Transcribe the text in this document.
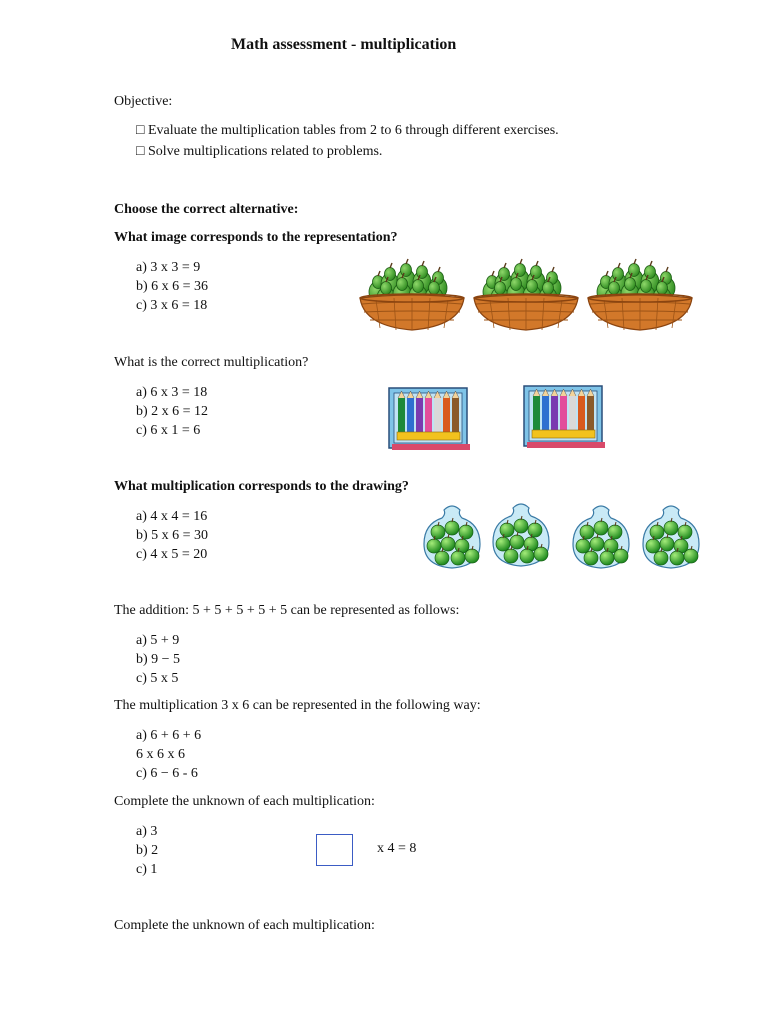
Math assessment - multiplication
Objective:
□ Evaluate the multiplication tables from 2 to 6 through different exercises.
□ Solve multiplications related to problems.
Choose the correct alternative:
What image corresponds to the representation?
a) 3 x 3 = 9
b) 6 x 6 = 36
c) 3 x 6 = 18
What is the correct multiplication?
a) 6 x 3 = 18
b) 2 x 6 = 12
c) 6 x 1 = 6
What multiplication corresponds to the drawing?
a) 4 x 4 = 16
b) 5 x 6 = 30
c) 4 x 5 = 20
The addition: 5 + 5 + 5 + 5 + 5 can be represented as follows:
a) 5 + 9
b) 9 − 5
c) 5 x 5
The multiplication 3 x 6 can be represented in the following way:
a) 6 + 6 + 6
6 x 6 x 6
c) 6 − 6 - 6
Complete the unknown of each multiplication:
a) 3
b) 2
c) 1
x 4 = 8
Complete the unknown of each multiplication:
